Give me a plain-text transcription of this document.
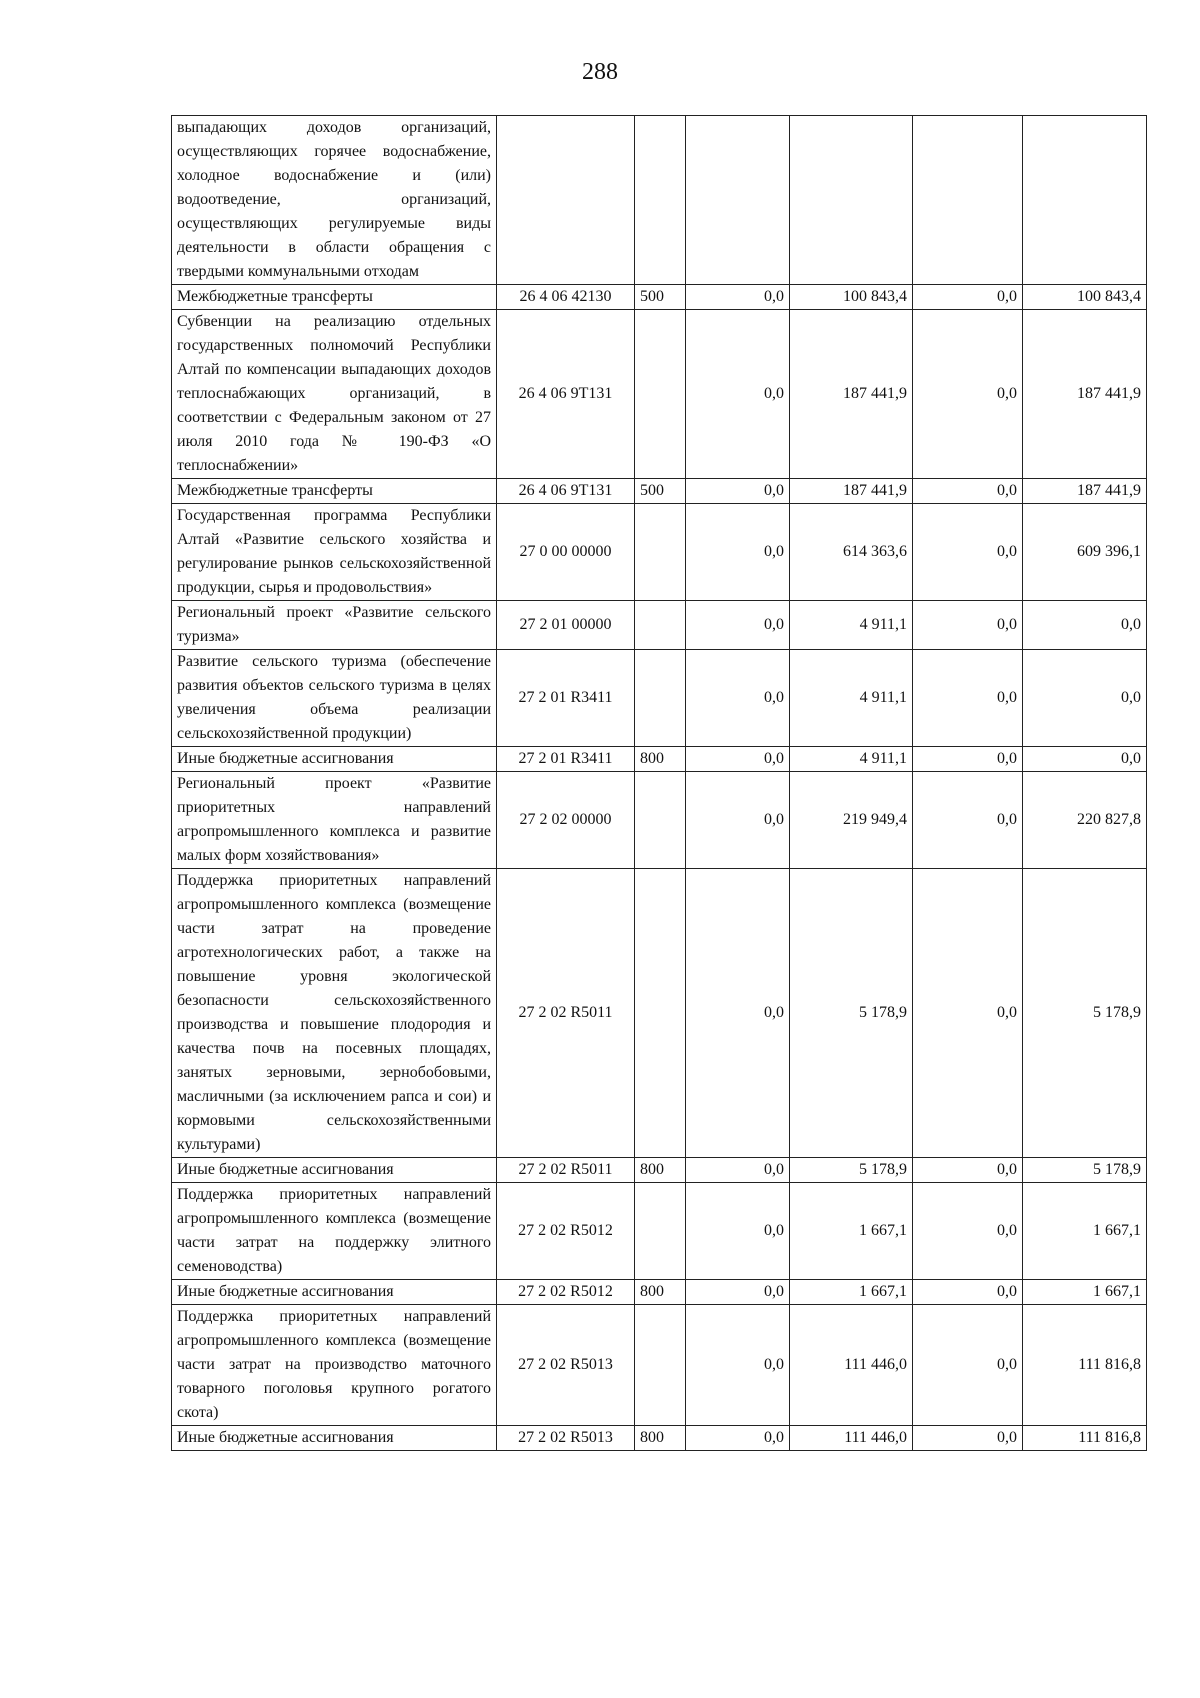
288
выпадающих доходов организаций, осуществляющих горячее водоснабжение, холодное водоснабжение и (или) водоотведение, организаций, осуществляющих регулируемые виды деятельности в области обращения с твердыми коммунальными отходам						
Межбюджетные трансферты	26 4 06 42130	500	0,0	100 843,4	0,0	100 843,4
Субвенции на реализацию отдельных государственных полномочий Республики Алтай по компенсации выпадающих доходов теплоснабжающих организаций, в соответствии с Федеральным законом от 27 июля 2010 года № 190-ФЗ «О теплоснабжении»	26 4 06 9Т131		0,0	187 441,9	0,0	187 441,9
Межбюджетные трансферты	26 4 06 9Т131	500	0,0	187 441,9	0,0	187 441,9
Государственная программа Республики Алтай «Развитие сельского хозяйства и регулирование рынков сельскохозяйственной продукции, сырья и продовольствия»	27 0 00 00000		0,0	614 363,6	0,0	609 396,1
Региональный проект «Развитие сельского туризма»	27 2 01 00000		0,0	4 911,1	0,0	0,0
Развитие сельского туризма (обеспечение развития объектов сельского туризма в целях увеличения объема реализации сельскохозяйственной продукции)	27 2 01 R3411		0,0	4 911,1	0,0	0,0
Иные бюджетные ассигнования	27 2 01 R3411	800	0,0	4 911,1	0,0	0,0
Региональный проект «Развитие приоритетных направлений агропромышленного комплекса и развитие малых форм хозяйствования»	27 2 02 00000		0,0	219 949,4	0,0	220 827,8
Поддержка приоритетных направлений агропромышленного комплекса (возмещение части затрат на проведение агротехнологических работ, а также на повышение уровня экологической безопасности сельскохозяйственного производства и повышение плодородия и качества почв на посевных площадях, занятых зерновыми, зернобобовыми, масличными (за исключением рапса и сои) и кормовыми сельскохозяйственными культурами)	27 2 02 R5011		0,0	5 178,9	0,0	5 178,9
Иные бюджетные ассигнования	27 2 02 R5011	800	0,0	5 178,9	0,0	5 178,9
Поддержка приоритетных направлений агропромышленного комплекса (возмещение части затрат на поддержку элитного семеноводства)	27 2 02 R5012		0,0	1 667,1	0,0	1 667,1
Иные бюджетные ассигнования	27 2 02 R5012	800	0,0	1 667,1	0,0	1 667,1
Поддержка приоритетных направлений агропромышленного комплекса (возмещение части затрат на производство маточного товарного поголовья крупного рогатого скота)	27 2 02 R5013		0,0	111 446,0	0,0	111 816,8
Иные бюджетные ассигнования	27 2 02 R5013	800	0,0	111 446,0	0,0	111 816,8
